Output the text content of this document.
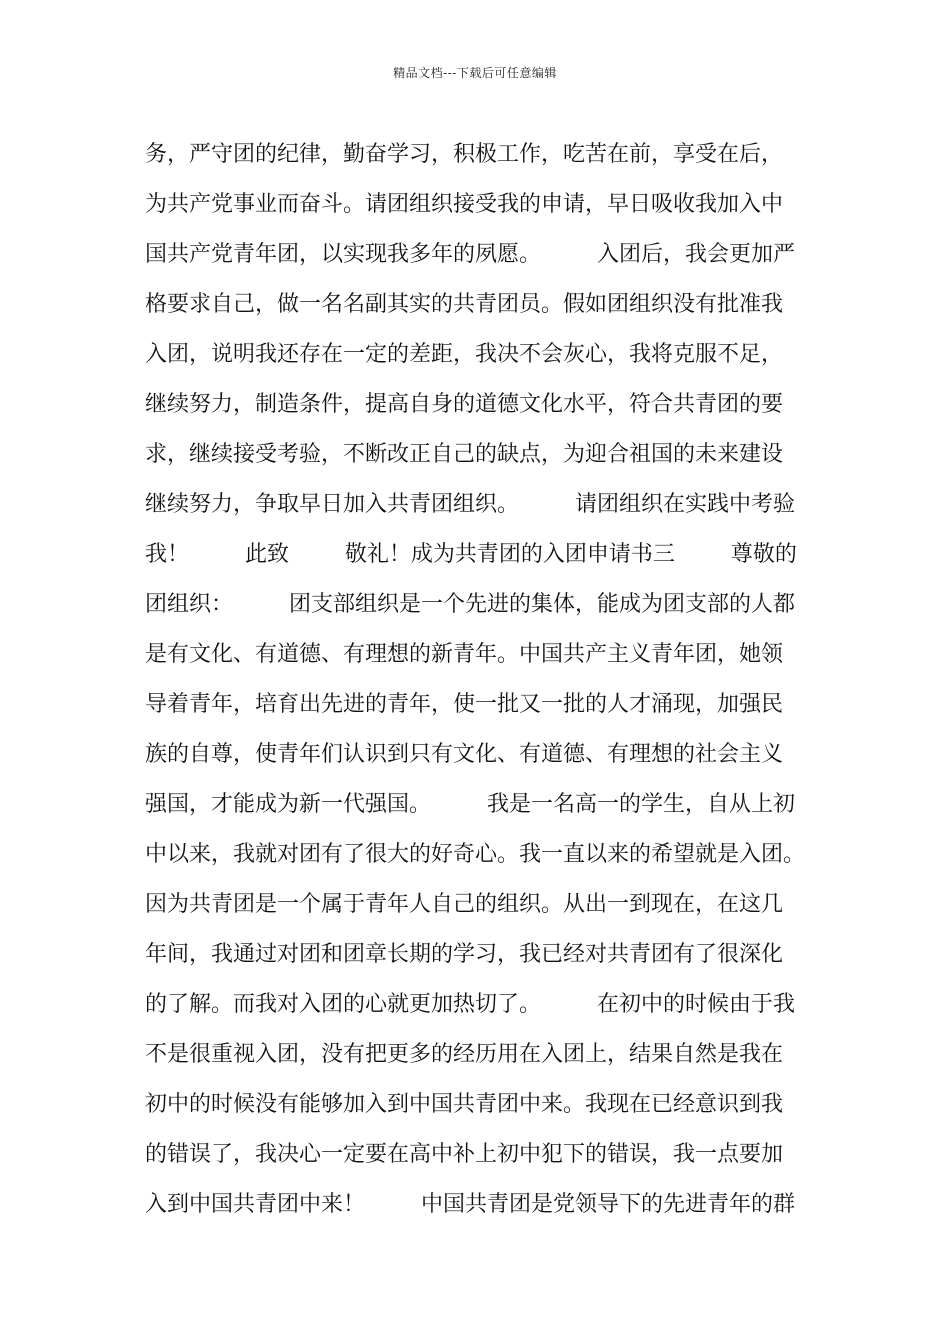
精品文档---下载后可任意编辑
务，严守团的纪律，勤奋学习，积极工作，吃苦在前，享受在后，
为共产党事业而奋斗。请团组织接受我的申请，早日吸收我加入中
国共产党青年团，以实现我多年的夙愿。        入团后，我会更加严
格要求自己，做一名名副其实的共青团员。假如团组织没有批准我
入团，说明我还存在一定的差距，我决不会灰心，我将克服不足，
继续努力，制造条件，提高自身的道德文化水平，符合共青团的要
求，继续接受考验，不断改正自己的缺点，为迎合祖国的未来建设
继续努力，争取早日加入共青团组织。        请团组织在实践中考验
我！        此致        敬礼！成为共青团的入团申请书三        尊敬的
团组织：        团支部组织是一个先进的集体，能成为团支部的人都
是有文化、有道德、有理想的新青年。中国共产主义青年团，她领
导着青年，培育出先进的青年，使一批又一批的人才涌现，加强民
族的自尊，使青年们认识到只有文化、有道德、有理想的社会主义
强国，才能成为新一代强国。        我是一名高一的学生，自从上初
中以来，我就对团有了很大的好奇心。我一直以来的希望就是入团。
因为共青团是一个属于青年人自己的组织。从出一到现在，在这几
年间，我通过对团和团章长期的学习，我已经对共青团有了很深化
的了解。而我对入团的心就更加热切了。        在初中的时候由于我
不是很重视入团，没有把更多的经历用在入团上，结果自然是我在
初中的时候没有能够加入到中国共青团中来。我现在已经意识到我
的错误了，我决心一定要在高中补上初中犯下的错误，我一点要加
入到中国共青团中来！        中国共青团是党领导下的先进青年的群
